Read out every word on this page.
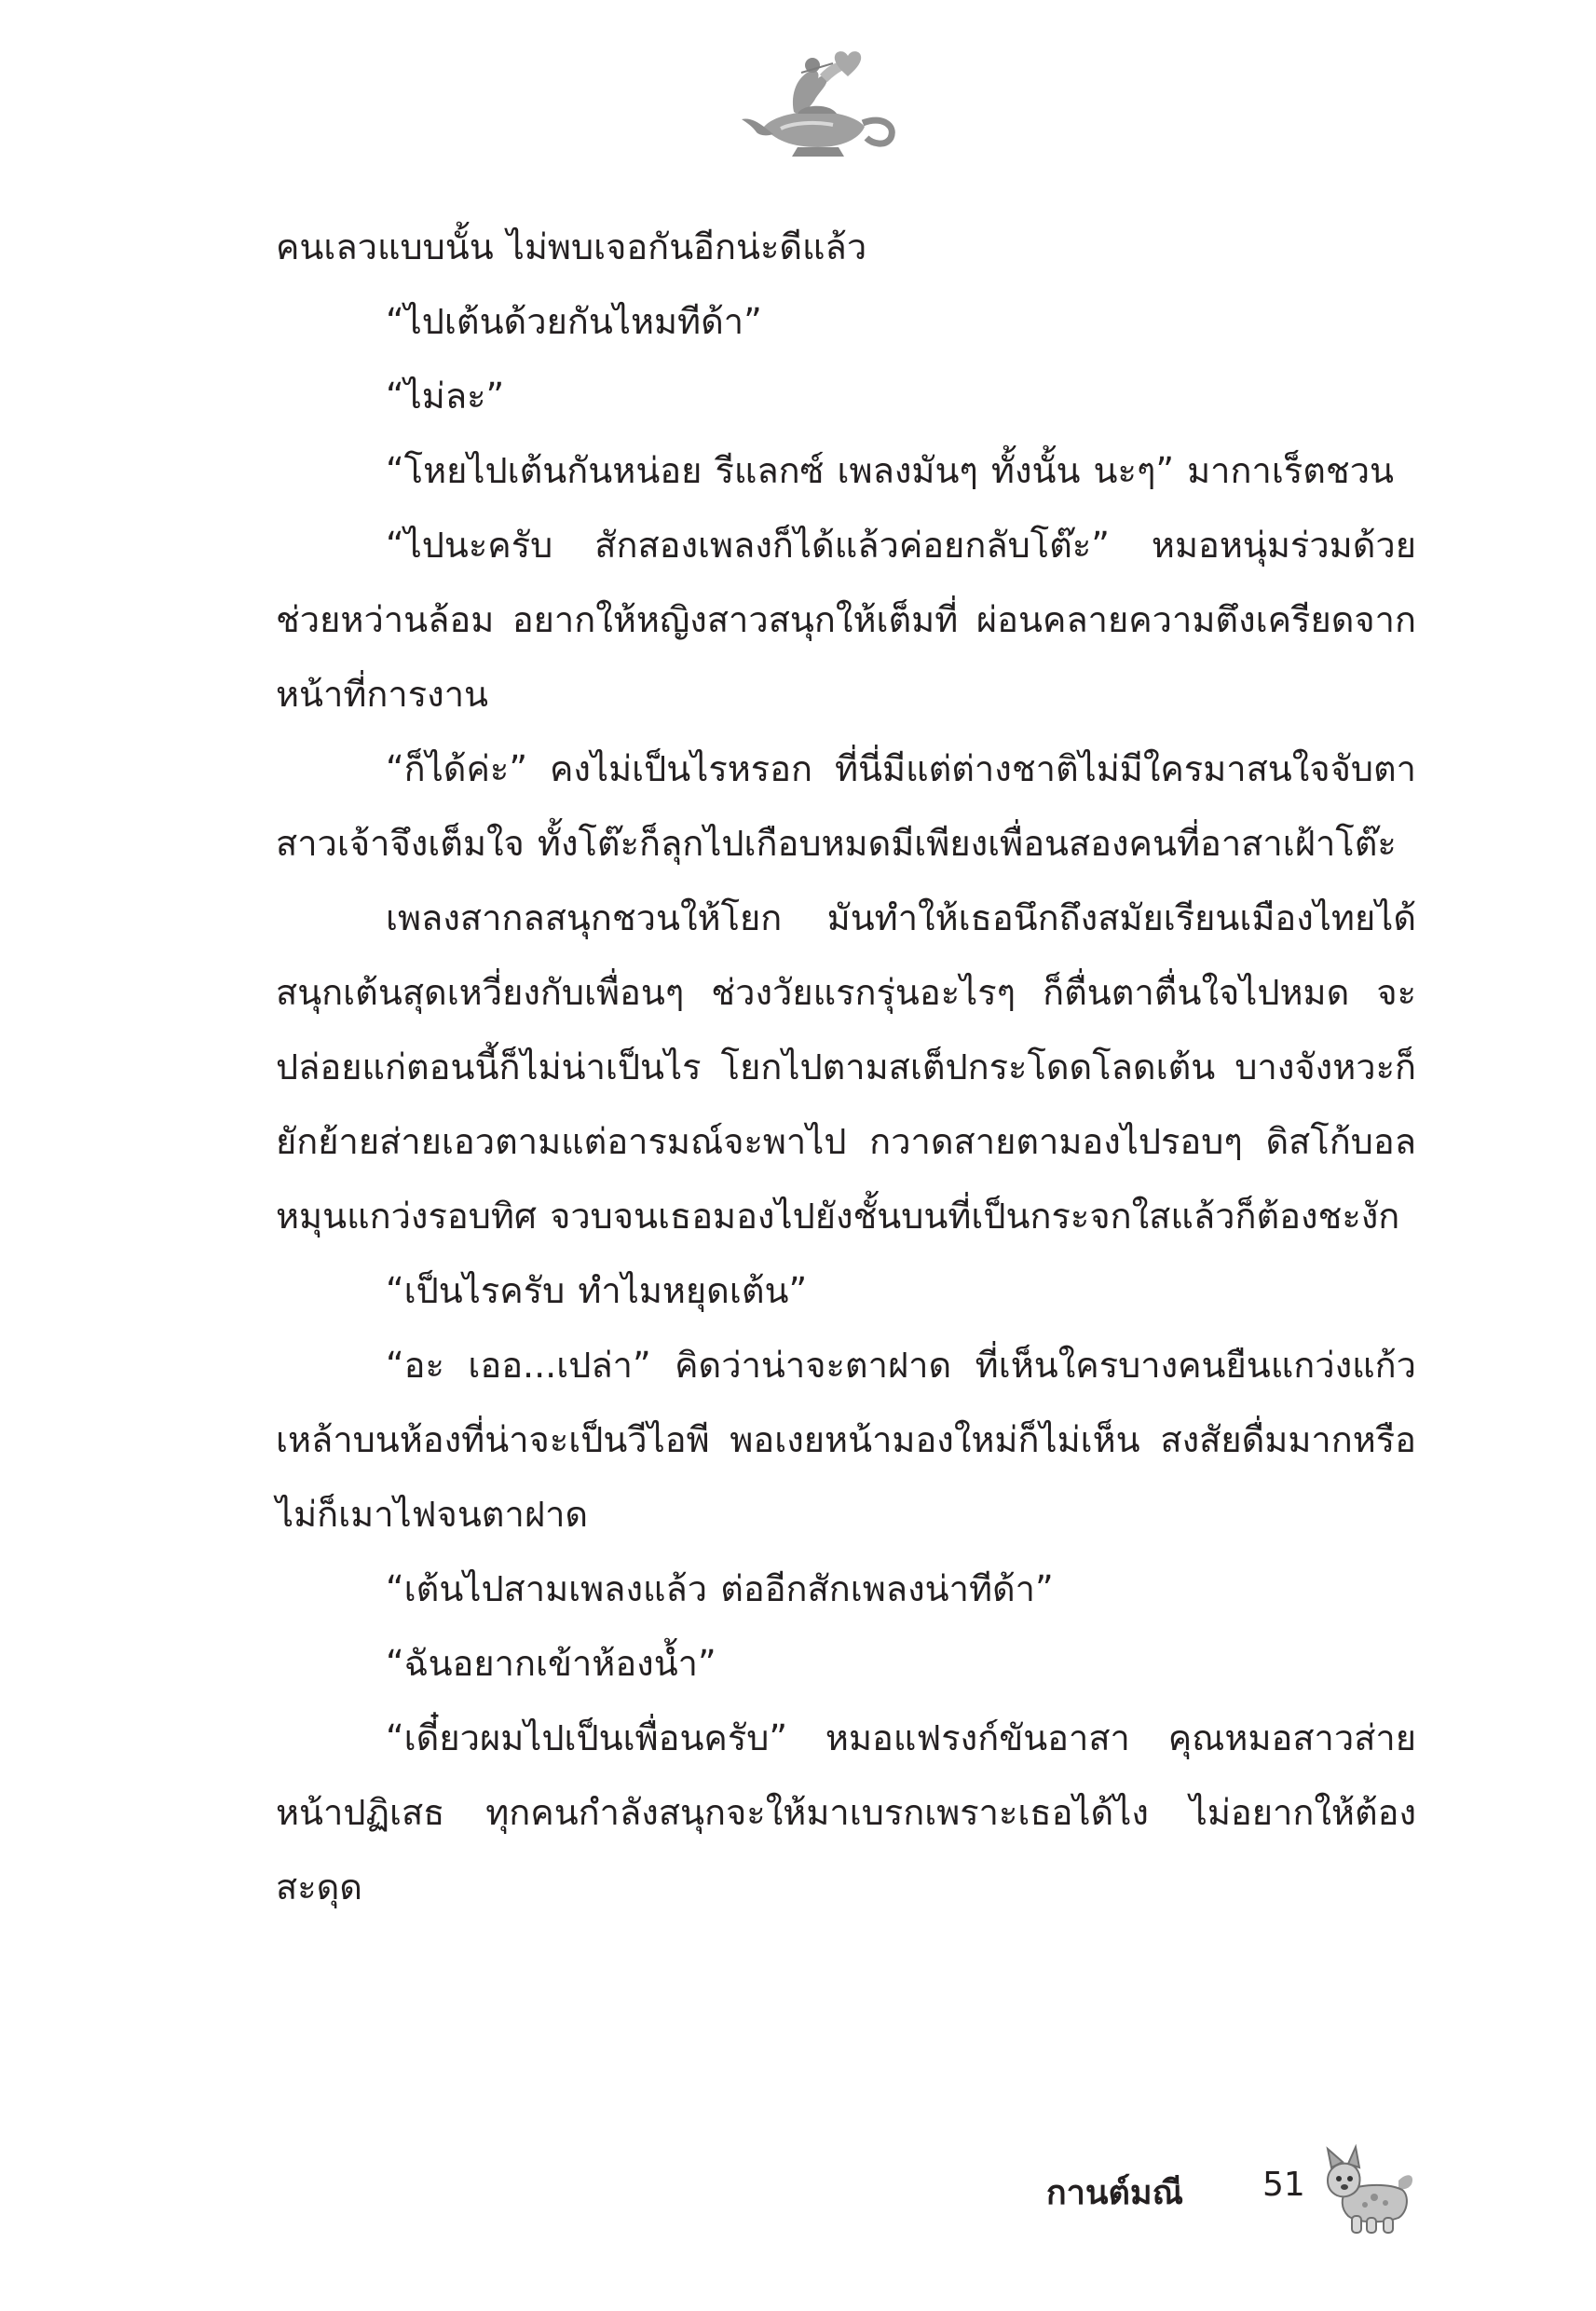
คนเลวแบบนั้น ไม่พบเจอกันอีกน่ะดีแล้ว

“ไปเต้นด้วยกันไหมทีด้า”

“ไม่ละ”

“โหยไปเต้นกันหน่อย รีแลกซ์ เพลงมันๆ ทั้งนั้น นะๆ” มากาเร็ตชวน

“ไปนะครับ สักสองเพลงก็ได้แล้วค่อยกลับโต๊ะ” หมอหนุ่มร่วมด้วยช่วยหว่านล้อม อยากให้หญิงสาวสนุกให้เต็มที่ ผ่อนคลายความตึงเครียดจากหน้าที่การงาน

“ก็ได้ค่ะ” คงไม่เป็นไรหรอก ที่นี่มีแต่ต่างชาติไม่มีใครมาสนใจจับตา สาวเจ้าจึงเต็มใจ ทั้งโต๊ะก็ลุกไปเกือบหมดมีเพียงเพื่อนสองคนที่อาสาเฝ้าโต๊ะ

เพลงสากลสนุกชวนให้โยก มันทำให้เธอนึกถึงสมัยเรียนเมืองไทยได้สนุกเต้นสุดเหวี่ยงกับเพื่อนๆ ช่วงวัยแรกรุ่นอะไรๆ ก็ตื่นตาตื่นใจไปหมด จะปล่อยแก่ตอนนี้ก็ไม่น่าเป็นไร โยกไปตามสเต็ปกระโดดโลดเต้น บางจังหวะก็ยักย้ายส่ายเอวตามแต่อารมณ์จะพาไป กวาดสายตามองไปรอบๆ ดิสโก้บอลหมุนแกว่งรอบทิศ จวบจนเธอมองไปยังชั้นบนที่เป็นกระจกใสแล้วก็ต้องชะงัก

“เป็นไรครับ ทำไมหยุดเต้น”

“อะ เออ...เปล่า” คิดว่าน่าจะตาฝาด ที่เห็นใครบางคนยืนแกว่งแก้วเหล้าบนห้องที่น่าจะเป็นวีไอพี พอเงยหน้ามองใหม่ก็ไม่เห็น สงสัยดื่มมากหรือไม่ก็เมาไฟจนตาฝาด

“เต้นไปสามเพลงแล้ว ต่ออีกสักเพลงน่าทีด้า”

“ฉันอยากเข้าห้องน้ำ”

“เดี๋ยวผมไปเป็นเพื่อนครับ” หมอแฟรงก์ขันอาสา คุณหมอสาวส่ายหน้าปฏิเสธ ทุกคนกำลังสนุกจะให้มาเบรกเพราะเธอได้ไง ไม่อยากให้ต้องสะดุด

กานต์มณี 51
